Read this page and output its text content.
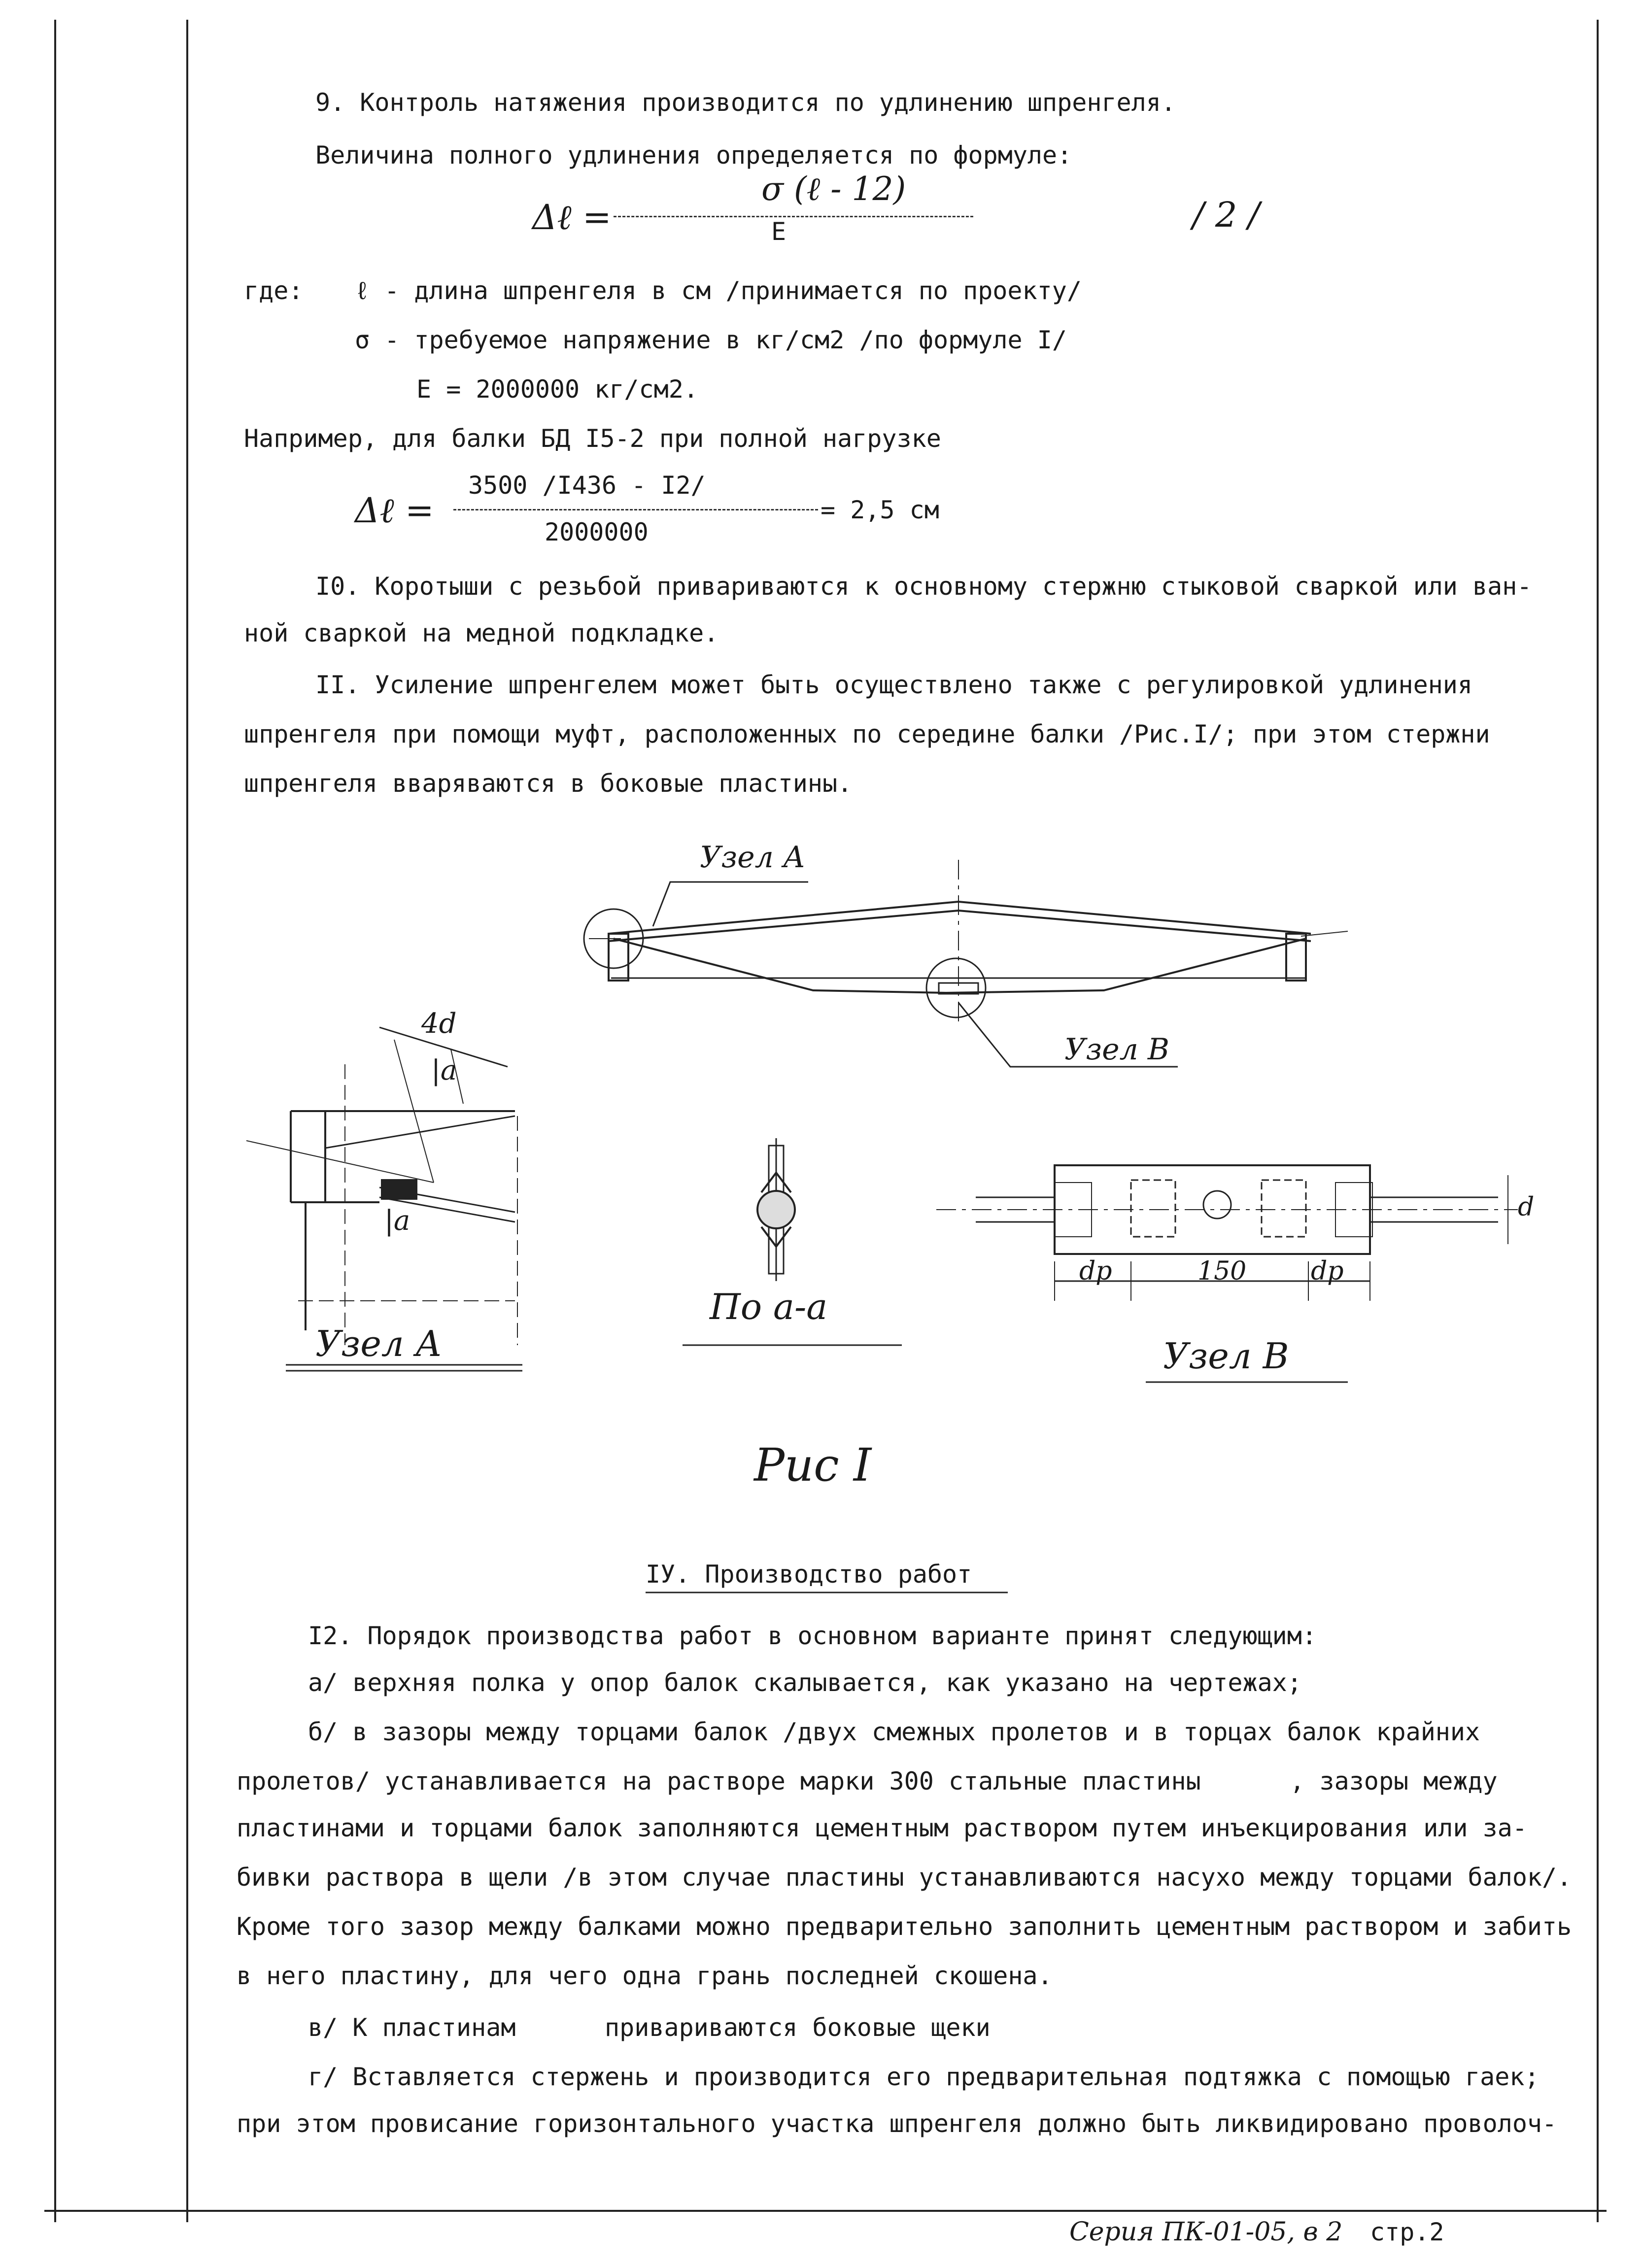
9. Контроль натяжения производится по удлинению шпренгеля.
Величина полного удлинения определяется по формуле:
Δℓ =
σ (ℓ - 12)
E	/ 2 /
где: ℓ - длина шпренгеля в см /принимается по проекту/
σ - требуемое напряжение в кг/см2 /по формуле I/
E = 2000000 кг/см2.
Например, для балки БД I5-2 при полной нагрузке
Δℓ =
3500 /I436 - I2/
2000000
= 2,5 см
I0. Коротыши с резьбой привариваются к основному стержню стыковой сваркой или ван-
ной сваркой на медной подкладке.
II. Усиление шпренгелем может быть осуществлено также с регулировкой удлинения
шпренгеля при помощи муфт, расположенных по середине балки /Рис.I/; при этом стержни
шпренгеля вваряваются в боковые пластины.
Узел А
Узел В
4d
|a
|a
Узел А
По а-а
Узел В
dр	150	dр
d
Рис I
IУ. Производство работ
I2. Порядок производства работ в основном варианте принят следующим:
а/ верхняя полка у опор балок скалывается, как указано на чертежах;
б/ в зазоры между торцами балок /двух смежных пролетов и в торцах балок крайних
пролетов/ устанавливается на растворе марки 300 стальные пластины      , зазоры между
пластинами и торцами балок заполняются цементным раствором путем инъекцирования или за-
бивки раствора в щели /в этом случае пластины устанавливаются насухо между торцами балок/.
Кроме того зазор между балками можно предварительно заполнить цементным раствором и забить
в него пластину, для чего одна грань последней скошена.
в/ К пластинам      привариваются боковые щеки
г/ Вставляется стержень и производится его предварительная подтяжка с помощью гаек;
при этом провисание горизонтального участка шпренгеля должно быть ликвидировано проволоч-
Серия ПК-01-05, в 2 стр.2
